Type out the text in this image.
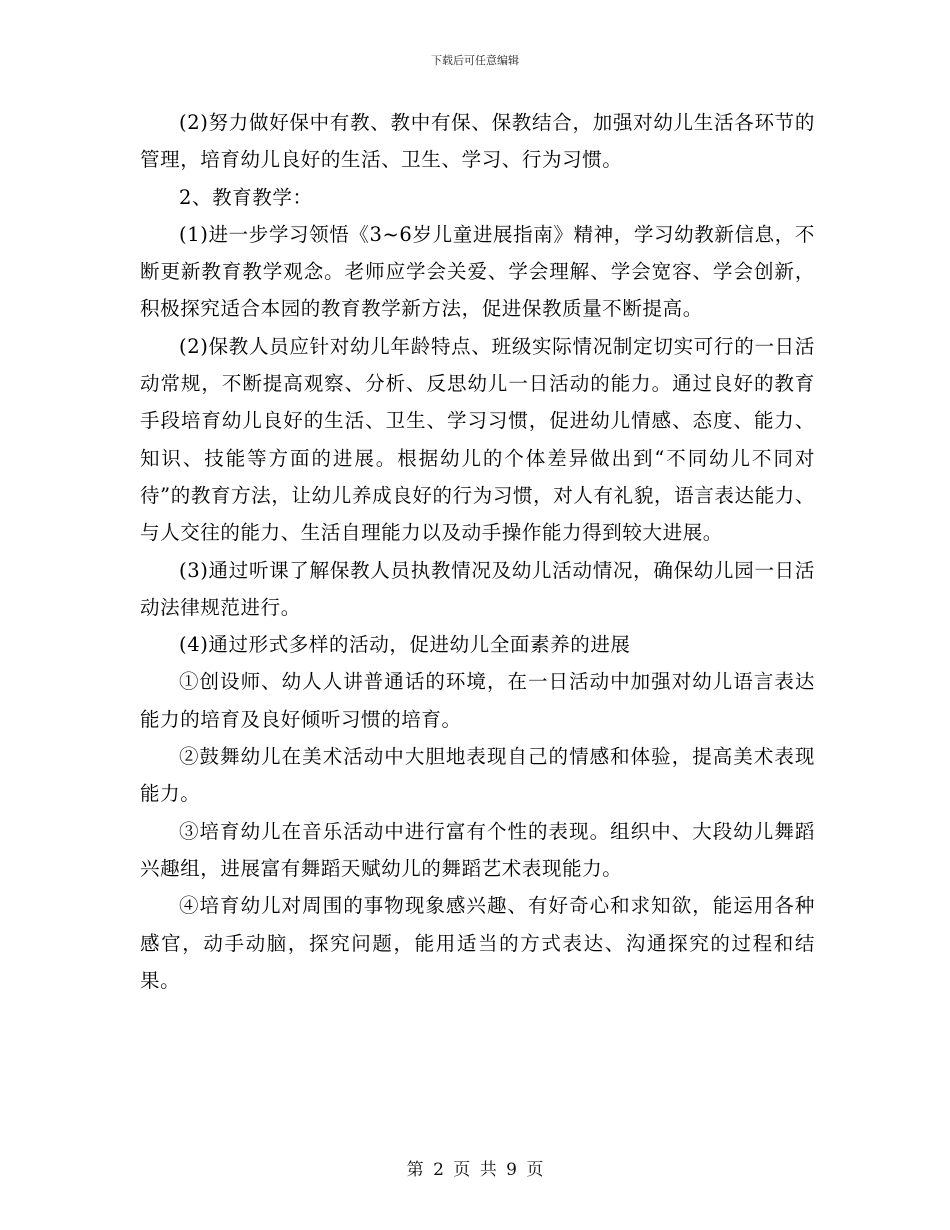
下载后可任意编辑

(2)努力做好保中有教、教中有保、保教结合，加强对幼儿生活各环节的管理，培育幼儿良好的生活、卫生、学习、行为习惯。

2、教育教学：

(1)进一步学习领悟《3~6岁儿童进展指南》精神，学习幼教新信息，不断更新教育教学观念。老师应学会关爱、学会理解、学会宽容、学会创新，积极探究适合本园的教育教学新方法，促进保教质量不断提高。

(2)保教人员应针对幼儿年龄特点、班级实际情况制定切实可行的一日活动常规，不断提高观察、分析、反思幼儿一日活动的能力。通过良好的教育手段培育幼儿良好的生活、卫生、学习习惯，促进幼儿情感、态度、能力、知识、技能等方面的进展。根据幼儿的个体差异做出到“不同幼儿不同对待”的教育方法，让幼儿养成良好的行为习惯，对人有礼貌，语言表达能力、与人交往的能力、生活自理能力以及动手操作能力得到较大进展。

(3)通过听课了解保教人员执教情况及幼儿活动情况，确保幼儿园一日活动法律规范进行。

(4)通过形式多样的活动，促进幼儿全面素养的进展

①创设师、幼人人讲普通话的环境，在一日活动中加强对幼儿语言表达能力的培育及良好倾听习惯的培育。

②鼓舞幼儿在美术活动中大胆地表现自己的情感和体验，提高美术表现能力。

③培育幼儿在音乐活动中进行富有个性的表现。组织中、大段幼儿舞蹈兴趣组，进展富有舞蹈天赋幼儿的舞蹈艺术表现能力。

④培育幼儿对周围的事物现象感兴趣、有好奇心和求知欲，能运用各种感官，动手动脑，探究问题，能用适当的方式表达、沟通探究的过程和结果。

第 2 页 共 9 页
